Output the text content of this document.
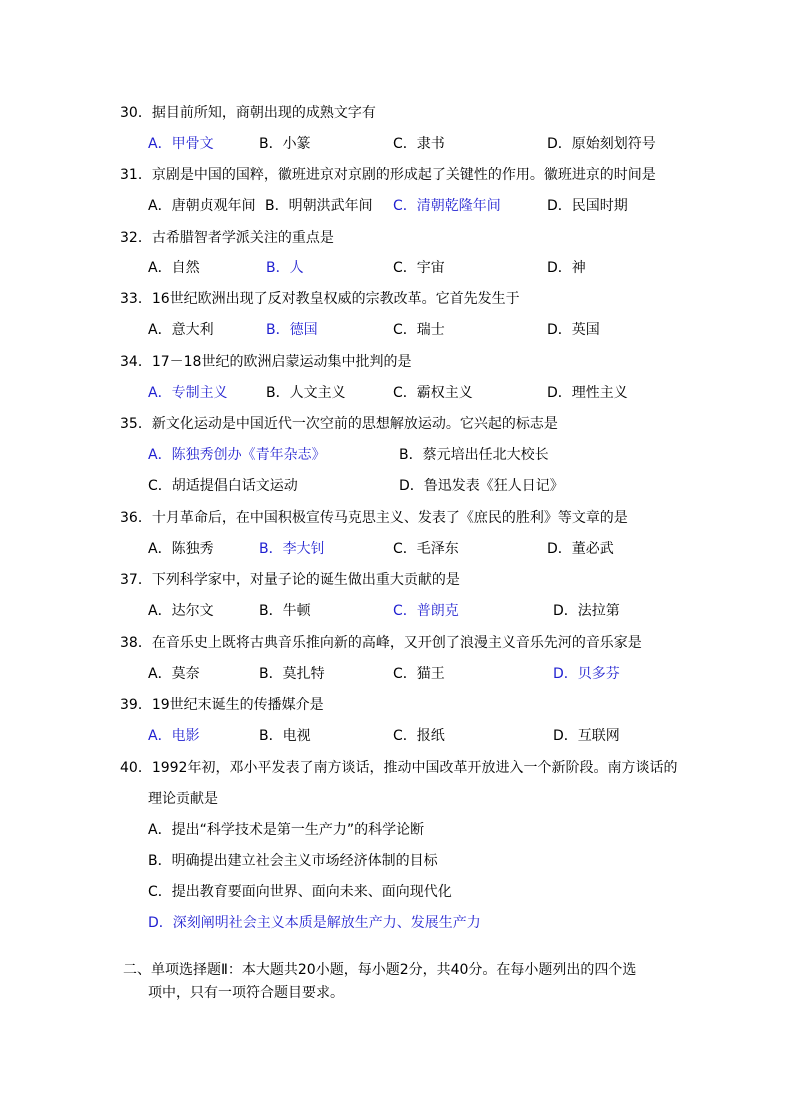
30．据目前所知，商朝出现的成熟文字有
A．甲骨文	B．小篆	C．隶书	D．原始刻划符号
31．京剧是中国的国粹，徽班进京对京剧的形成起了关键性的作用。徽班进京的时间是
A．唐朝贞观年间 B．明朝洪武年间 C．清朝乾隆年间	D．民国时期
32．古希腊智者学派关注的重点是
A．自然	B．人	C．宇宙	D．神
33．16世纪欧洲出现了反对教皇权威的宗教改革。它首先发生于
A．意大利	B．德国	C．瑞士	D．英国
34．17－18世纪的欧洲启蒙运动集中批判的是
A．专制主义	B．人文主义	C．霸权主义	D．理性主义
35．新文化运动是中国近代一次空前的思想解放运动。它兴起的标志是
A．陈独秀创办《青年杂志》	B．蔡元培出任北大校长
C．胡适提倡白话文运动	D．鲁迅发表《狂人日记》
36．十月革命后，在中国积极宣传马克思主义、发表了《庶民的胜利》等文章的是
A．陈独秀	B．李大钊	C．毛泽东	D．董必武
37．下列科学家中，对量子论的诞生做出重大贡献的是
A．达尔文	B．牛顿	C．普朗克	D．法拉第
38．在音乐史上既将古典音乐推向新的高峰，又开创了浪漫主义音乐先河的音乐家是
A．莫奈	B．莫扎特	C．猫王	D．贝多芬
39．19世纪末诞生的传播媒介是
A．电影	B．电视	C．报纸	D．互联网
40．1992年初，邓小平发表了南方谈话，推动中国改革开放进入一个新阶段。南方谈话的
理论贡献是
A．提出“科学技术是第一生产力”的科学论断
B．明确提出建立社会主义市场经济体制的目标
C．提出教育要面向世界、面向未来、面向现代化
D．深刻阐明社会主义本质是解放生产力、发展生产力
二、单项选择题Ⅱ：本大题共20小题，每小题2分，共40分。在每小题列出的四个选
项中，只有一项符合题目要求。
